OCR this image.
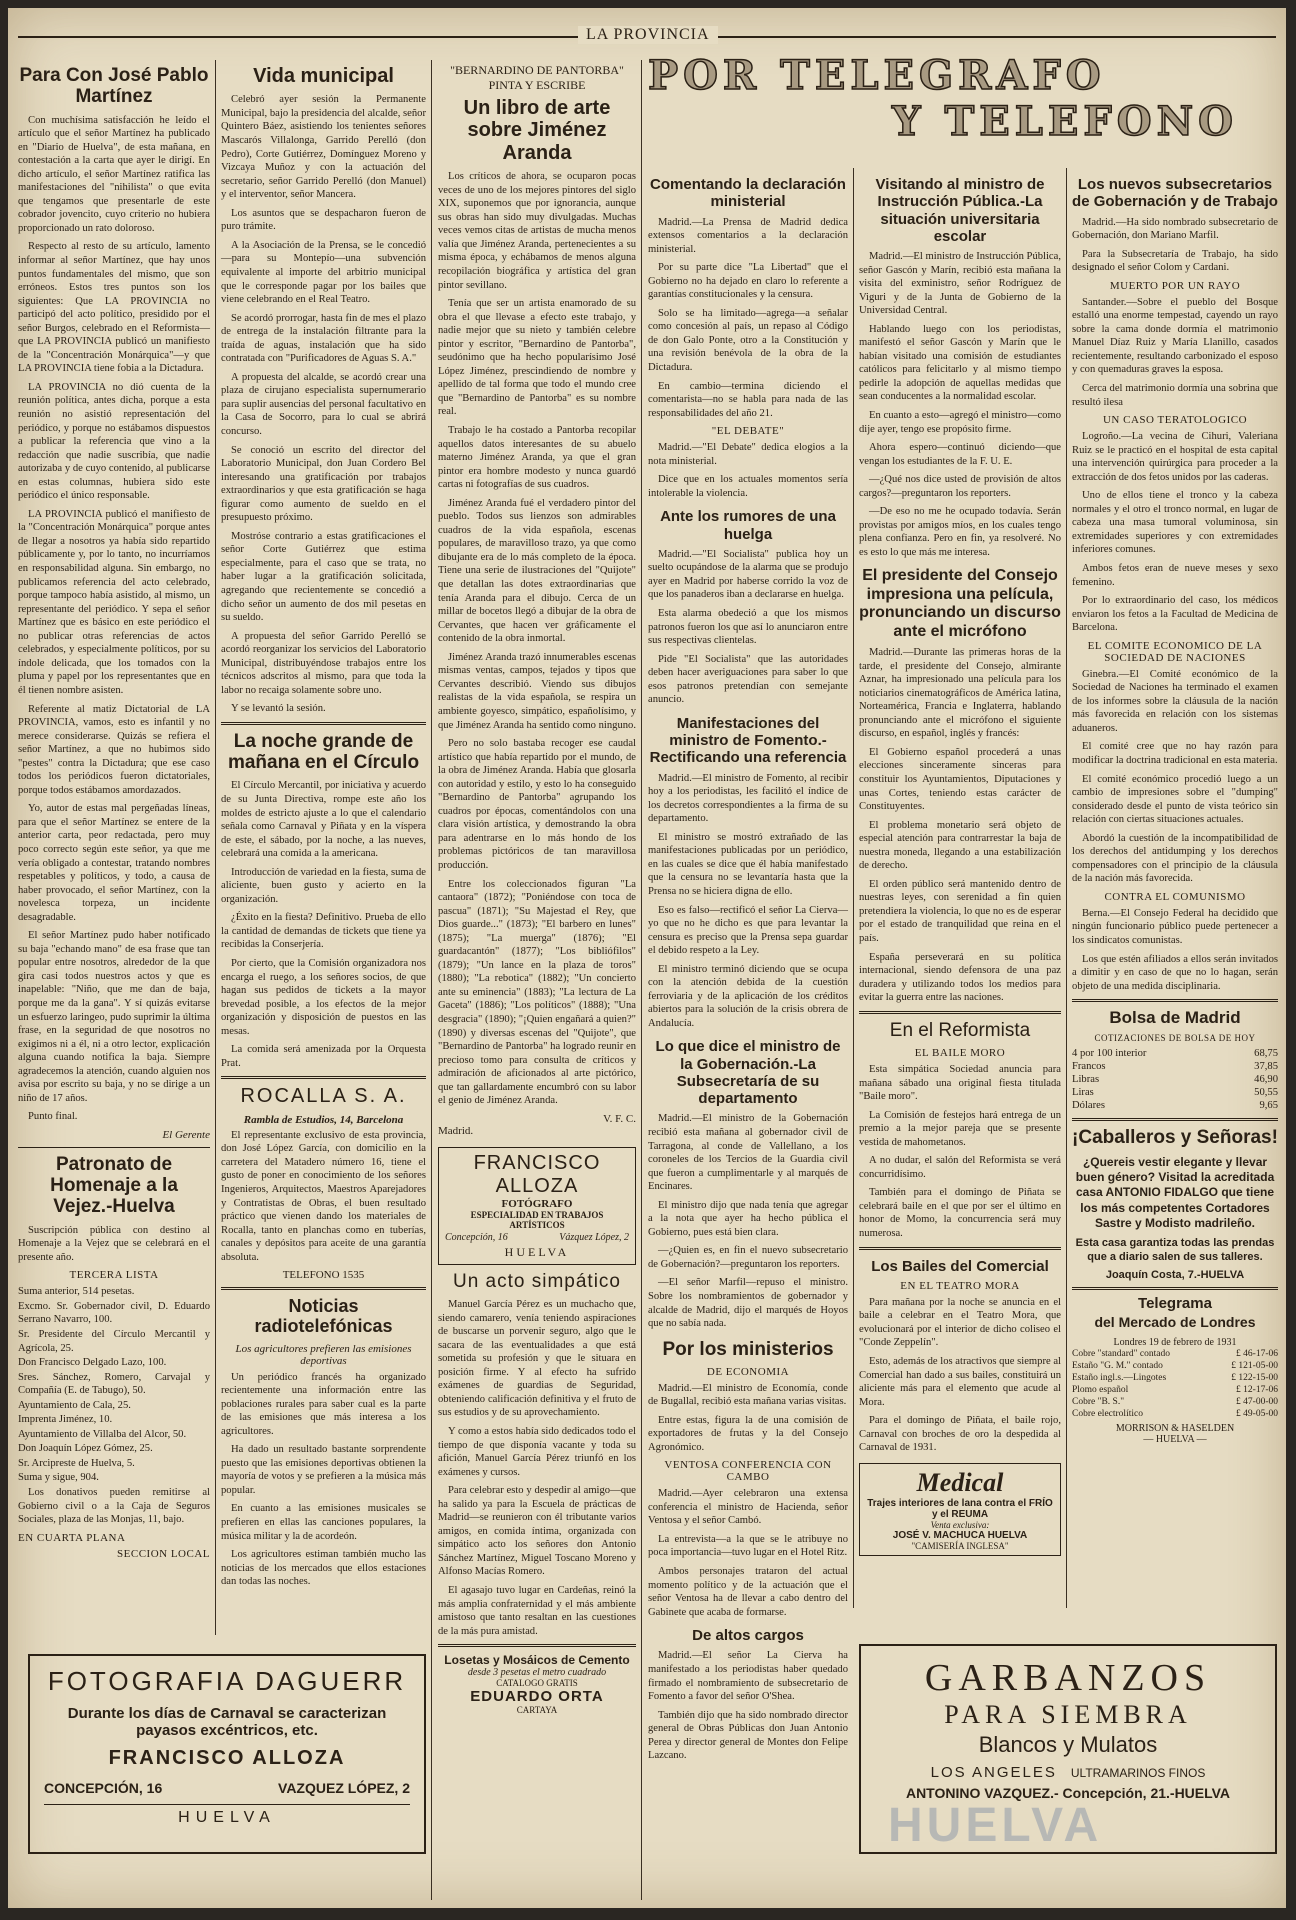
LA PROVINCIA
Para Con José Pablo Martínez

Con muchísima satisfacción he leído el artículo que el señor Martínez ha publicado en "Diario de Huelva", de esta mañana, en contestación a la carta que ayer le dirigí. En dicho artículo, el señor Martínez ratifica las manifestaciones del "nihilista" o que evita que tengamos que presentarle de este cobrador jovencito, cuyo criterio no hubiera proporcionado un rato doloroso.

Respecto al resto de su artículo, lamento informar al señor Martínez, que hay unos puntos fundamentales del mismo, que son erróneos. Estos tres puntos son los siguientes: Que LA PROVINCIA no participó del acto político, presidido por el señor Burgos, celebrado en el Reformista—que LA PROVINCIA publicó un manifiesto de la "Concentración Monárquica"—y que LA PROVINCIA tiene fobia a la Dictadura.

LA PROVINCIA no dió cuenta de la reunión política, antes dicha, porque a esta reunión no asistió representación del periódico, y porque no estábamos dispuestos a publicar la referencia que vino a la redacción que nadie suscribía, que nadie autorizaba y de cuyo contenido, al publicarse en estas columnas, hubiera sido este periódico el único responsable.

LA PROVINCIA publicó el manifiesto de la "Concentración Monárquica" porque antes de llegar a nosotros ya había sido repartido públicamente y, por lo tanto, no incurríamos en responsabilidad alguna. Sin embargo, no publicamos referencia del acto celebrado, porque tampoco había asistido, al mismo, un representante del periódico. Y sepa el señor Martínez que es básico en este periódico el no publicar otras referencias de actos celebrados, y especialmente políticos, por su índole delicada, que los tomados con la pluma y papel por los representantes que en él tienen nombre asisten.

Referente al matiz Dictatorial de LA PROVINCIA, vamos, esto es infantil y no merece considerarse. Quizás se refiera el señor Martínez, a que no hubimos sido "pestes" contra la Dictadura; que ese caso todos los periódicos fueron dictatoriales, porque todos estábamos amordazados.

Yo, autor de estas mal pergeñadas líneas, para que el señor Martínez se entere de la anterior carta, peor redactada, pero muy poco correcto según este señor, ya que me vería obligado a contestar, tratando nombres respetables y políticos, y todo, a causa de haber provocado, el señor Martínez, con la novelesca torpeza, un incidente desagradable.

El señor Martínez pudo haber notificado su baja "echando mano" de esa frase que tan popular entre nosotros, alrededor de la que gira casi todos nuestros actos y que es inapelable: "Niño, que me dan de baja, porque me da la gana". Y sí quizás evitarse un esfuerzo laringeo, pudo suprimir la última frase, en la seguridad de que nosotros no exigimos ni a él, ni a otro lector, explicación alguna cuando notifica la baja. Siempre agradecemos la atención, cuando alguien nos avisa por escrito su baja, y no se dirige a un niño de 17 años.

Punto final.

El Gerente
Patronato de Homenaje a la Vejez.-Huelva

Suscripción pública con destino al Homenaje a la Vejez que se celebrará en el presente año.

TERCERA LISTA
Suma anterior, 514 pesetas.
Excmo. Sr. Gobernador civil, D. Eduardo Serrano Navarro, 100.
Sr. Presidente del Círculo Mercantil y Agrícola, 25.
Don Francisco Delgado Lazo, 100.
Sres. Sánchez, Romero, Carvajal y Compañía (E. de Tabugo), 50.
Ayuntamiento de Cala, 25.
Imprenta Jiménez, 10.
Ayuntamiento de Villalba del Alcor, 50.
Don Joaquín López Gómez, 25.
Sr. Arcipreste de Huelva, 5.
Suma y sigue, 904.

Los donativos pueden remitirse al Gobierno civil o a la Caja de Seguros Sociales, plaza de las Monjas, 11, bajo.

EN CUARTA PLANA
SECCION LOCAL
Vida municipal

Celebró ayer sesión la Permanente Municipal, bajo la presidencia del alcalde, señor Quintero Báez, asistiendo los tenientes señores Mascarós Villalonga, Garrido Perelló (don Pedro), Corte Gutiérrez, Domínguez Moreno y Vizcaya Muñoz y con la actuación del secretario, señor Garrido Perelló (don Manuel) y el interventor, señor Mancera.

Los asuntos que se despacharon fueron de puro trámite.

A la Asociación de la Prensa, se le concedió—para su Montepío—una subvención equivalente al importe del arbitrio municipal que le corresponde pagar por los bailes que viene celebrando en el Real Teatro.

Se acordó prorrogar, hasta fin de mes el plazo de entrega de la instalación filtrante para la traída de aguas, instalación que ha sido contratada con "Purificadores de Aguas S. A."

A propuesta del alcalde, se acordó crear una plaza de cirujano especialista supernumerario para suplir ausencias del personal facultativo en la Casa de Socorro, para lo cual se abrirá concurso.

Se conoció un escrito del director del Laboratorio Municipal, don Juan Cordero Bel interesando una gratificación por trabajos extraordinarios y que esta gratificación se haga figurar como aumento de sueldo en el presupuesto próximo.

Mostróse contrario a estas gratificaciones el señor Corte Gutiérrez que estima especialmente, para el caso que se trata, no haber lugar a la gratificación solicitada, agregando que recientemente se concedió a dicho señor un aumento de dos mil pesetas en su sueldo.

A propuesta del señor Garrido Perelló se acordó reorganizar los servicios del Laboratorio Municipal, distribuyéndose trabajos entre los técnicos adscritos al mismo, para que toda la labor no recaiga solamente sobre uno.

Y se levantó la sesión.

La noche grande de mañana en el Círculo

El Círculo Mercantil, por iniciativa y acuerdo de su Junta Directiva, rompe este año los moldes de estricto ajuste a lo que el calendario señala como Carnaval y Piñata y en la víspera de este, el sábado, por la noche, a las nueves, celebrará una comida a la americana.

Introducción de variedad en la fiesta, suma de aliciente, buen gusto y acierto en la organización.

¿Éxito en la fiesta? Definitivo. Prueba de ello la cantidad de demandas de tickets que tiene ya recibidas la Conserjería.

Por cierto, que la Comisión organizadora nos encarga el ruego, a los señores socios, de que hagan sus pedidos de tickets a la mayor brevedad posible, a los efectos de la mejor organización y disposición de puestos en las mesas.

La comida será amenizada por la Orquesta Prat.

ROCALLA S. A.
Rambla de Estudios, 14, Barcelona

El representante exclusivo de esta provincia, don José López García, con domicilio en la carretera del Matadero número 16, tiene el gusto de poner en conocimiento de los señores Ingenieros, Arquitectos, Maestros Aparejadores y Contratistas de Obras, el buen resultado práctico que vienen dando los materiales de Rocalla, tanto en planchas como en tuberías, canales y depósitos para aceite de una garantía absoluta.

TELEFONO 1535
Noticias radiotelefónicas
Los agricultores prefieren las emisiones deportivas

Un periódico francés ha organizado recientemente una información entre las poblaciones rurales para saber cual es la parte de las emisiones que más interesa a los agricultores.

Ha dado un resultado bastante sorprendente puesto que las emisiones deportivas obtienen la mayoría de votos y se prefieren a la música más popular.

En cuanto a las emisiones musicales se prefieren en ellas las canciones populares, la música militar y la de acordeón.

Los agricultores estiman también mucho las noticias de los mercados que ellos estaciones dan todas las noches.

"BERNARDINO DE PANTORBA"
PINTA Y ESCRIBE
Un libro de arte sobre Jiménez Aranda

Los críticos de ahora, se ocuparon pocas veces de uno de los mejores pintores del siglo XIX, suponemos que por ignorancia, aunque sus obras han sido muy divulgadas. Muchas veces vemos citas de artistas de mucha menos valía que Jiménez Aranda, pertenecientes a su misma época, y echábamos de menos alguna recopilación biográfica y artística del gran pintor sevillano.

Tenía que ser un artista enamorado de su obra el que llevase a efecto este trabajo, y nadie mejor que su nieto y también celebre pintor y escritor, "Bernardino de Pantorba", seudónimo que ha hecho popularísimo José López Jiménez, prescindiendo de nombre y apellido de tal forma que todo el mundo cree que "Bernardino de Pantorba" es su nombre real.

Trabajo le ha costado a Pantorba recopilar aquellos datos interesantes de su abuelo materno Jiménez Aranda, ya que el gran pintor era hombre modesto y nunca guardó cartas ni fotografías de sus cuadros.

Jiménez Aranda fué el verdadero pintor del pueblo. Todos sus lienzos son admirables cuadros de la vida española, escenas populares, de maravilloso trazo, ya que como dibujante era de lo más completo de la época. Tiene una serie de ilustraciones del "Quijote" que detallan las dotes extraordinarias que tenía Aranda para el dibujo. Cerca de un millar de bocetos llegó a dibujar de la obra de Cervantes, que hacen ver gráficamente el contenido de la obra inmortal.

Jiménez Aranda trazó innumerables escenas mismas ventas, campos, tejados y tipos que Cervantes describió. Viendo sus dibujos realistas de la vida española, se respira un ambiente goyesco, simpático, españolísimo, y que Jiménez Aranda ha sentido como ninguno.

Pero no solo bastaba recoger ese caudal artístico que había repartido por el mundo, de la obra de Jiménez Aranda. Había que glosarla con autoridad y estilo, y esto lo ha conseguido "Bernardino de Pantorba" agrupando los cuadros por épocas, comentándolos con una clara visión artística, y demostrando la obra para adentrarse en lo más hondo de los problemas pictóricos de tan maravillosa producción.

Entre los coleccionados figuran "La cantaora" (1872); "Poniéndose con toca de pascua" (1871); "Su Majestad el Rey, que Dios guarde..." (1873); "El barbero en lunes" (1875); "La muerga" (1876); "El guardacantón" (1877); "Los bibliófilos" (1879); "Un lance en la plaza de toros" (1880); "La rebotica" (1882); "Un concierto ante su eminencia" (1883); "La lectura de La Gaceta" (1886); "Los políticos" (1888); "Una desgracia" (1890); "¡Quien engañará a quien?" (1890) y diversas escenas del "Quijote", que "Bernardino de Pantorba" ha logrado reunir en precioso tomo para consulta de críticos y admiración de aficionados al arte pictórico, que tan gallardamente encumbró con su labor el genio de Jiménez Aranda.

V. F. C.
Madrid.
FRANCISCO ALLOZA
FOTÓGRAFO
ESPECIALIDAD EN TRABAJOS ARTÍSTICOS
Concepción, 16	Vázquez López, 2
HUELVA
Un acto simpático

Manuel García Pérez es un muchacho que, siendo camarero, venía teniendo aspiraciones de buscarse un porvenir seguro, algo que le sacara de las eventualidades a que está sometida su profesión y que le situara en posición firme. Y al efecto ha sufrido exámenes de guardias de Seguridad, obteniendo calificación definitiva y el fruto de sus estudios y de su aprovechamiento.

Y como a estos había sido dedicados todo el tiempo de que disponía vacante y toda su afición, Manuel García Pérez triunfó en los exámenes y cursos.

Para celebrar esto y despedir al amigo—que ha salido ya para la Escuela de prácticas de Madrid—se reunieron con él tributante varios amigos, en comida íntima, organizada con simpático acto los señores don Antonio Sánchez Martínez, Miguel Toscano Moreno y Alfonso Macías Romero.

El agasajo tuvo lugar en Cardeñas, reinó la más amplia confraternidad y el más ambiente amistoso que tanto resaltan en las cuestiones de la más pura amistad.

Losetas y Mosáicos de Cemento
desde 3 pesetas el metro cuadrado
CATALOGO GRATIS
EDUARDO ORTA
CARTAYA
POR TELEGRAFO
Y TELEFONO
Comentando la declaración ministerial

Madrid.—La Prensa de Madrid dedica extensos comentarios a la declaración ministerial.

Por su parte dice "La Libertad" que el Gobierno no ha dejado en claro lo referente a garantías constitucionales y la censura.

Solo se ha limitado—agrega—a señalar como concesión al país, un repaso al Código de don Galo Ponte, otro a la Constitución y una revisión benévola de la obra de la Dictadura.

En cambio—termina diciendo el comentarista—no se habla para nada de las responsabilidades del año 21.

"EL DEBATE"

Madrid.—"El Debate" dedica elogios a la nota ministerial.

Dice que en los actuales momentos sería intolerable la violencia.

Ante los rumores de una huelga

Madrid.—"El Socialista" publica hoy un suelto ocupándose de la alarma que se produjo ayer en Madrid por haberse corrido la voz de que los panaderos iban a declararse en huelga.

Esta alarma obedeció a que los mismos patronos fueron los que así lo anunciaron entre sus respectivas clientelas.

Pide "El Socialista" que las autoridades deben hacer averiguaciones para saber lo que esos patronos pretendían con semejante anuncio.

Manifestaciones del ministro de Fomento.-Rectificando una referencia

Madrid.—El ministro de Fomento, al recibir hoy a los periodistas, les facilitó el índice de los decretos correspondientes a la firma de su departamento.

El ministro se mostró extrañado de las manifestaciones publicadas por un periódico, en las cuales se dice que él había manifestado que la censura no se levantaría hasta que la Prensa no se hiciera digna de ello.

Eso es falso—rectificó el señor La Cierva—yo que no he dicho es que para levantar la censura es preciso que la Prensa sepa guardar el debido respeto a la Ley.

El ministro terminó diciendo que se ocupa con la atención debida de la cuestión ferroviaria y de la aplicación de los créditos abiertos para la solución de la crisis obrera de Andalucía.

Lo que dice el ministro de la Gobernación.-La Subsecretaría de su departamento

Madrid.—El ministro de la Gobernación recibió esta mañana al gobernador civil de Tarragona, al conde de Vallellano, a los coroneles de los Tercios de la Guardia civil que fueron a cumplimentarle y al marqués de Encinares.

El ministro dijo que nada tenía que agregar a la nota que ayer ha hecho pública el Gobierno, pues está bien clara.

—¿Quien es, en fin el nuevo subsecretario de Gobernación?—preguntaron los reporters.

—El señor Marfil—repuso el ministro. Sobre los nombramientos de gobernador y alcalde de Madrid, dijo el marqués de Hoyos que no sabía nada.

Por los ministerios
DE ECONOMIA

Madrid.—El ministro de Economía, conde de Bugallal, recibió esta mañana varias visitas.

Entre estas, figura la de una comisión de exportadores de frutas y la del Consejo Agronómico.

VENTOSA CONFERENCIA CON CAMBO

Madrid.—Ayer celebraron una extensa conferencia el ministro de Hacienda, señor Ventosa y el señor Cambó.

La entrevista—a la que se le atribuye no poca importancia—tuvo lugar en el Hotel Ritz.

Ambos personajes trataron del actual momento político y de la actuación que el señor Ventosa ha de llevar a cabo dentro del Gabinete que acaba de formarse.

De altos cargos

Madrid.—El señor La Cierva ha manifestado a los periodistas haber quedado firmado el nombramiento de subsecretario de Fomento a favor del señor O'Shea.

También dijo que ha sido nombrado director general de Obras Públicas don Juan Antonio Perea y director general de Montes don Felipe Lazcano.

Visitando al ministro de Instrucción Pública.-La situación universitaria escolar

Madrid.—El ministro de Instrucción Pública, señor Gascón y Marín, recibió esta mañana la visita del exministro, señor Rodríguez de Viguri y de la Junta de Gobierno de la Universidad Central.

Hablando luego con los periodistas, manifestó el señor Gascón y Marín que le habían visitado una comisión de estudiantes católicos para felicitarlo y al mismo tiempo pedirle la adopción de aquellas medidas que sean conducentes a la normalidad escolar.

En cuanto a esto—agregó el ministro—como dije ayer, tengo ese propósito firme.

Ahora espero—continuó diciendo—que vengan los estudiantes de la F. U. E.

—¿Qué nos dice usted de provisión de altos cargos?—preguntaron los reporters.

—De eso no me he ocupado todavía. Serán provistas por amigos míos, en los cuales tengo plena confianza. Pero en fin, ya resolveré. No es esto lo que más me interesa.

El presidente del Consejo impresiona una película, pronunciando un discurso ante el micrófono

Madrid.—Durante las primeras horas de la tarde, el presidente del Consejo, almirante Aznar, ha impresionado una película para los noticiarios cinematográficos de América latina, Norteamérica, Francia e Inglaterra, hablando pronunciando ante el micrófono el siguiente discurso, en español, inglés y francés:

El Gobierno español procederá a unas elecciones sinceramente sinceras para constituir los Ayuntamientos, Diputaciones y unas Cortes, teniendo estas carácter de Constituyentes.

El problema monetario será objeto de especial atención para contrarrestar la baja de nuestra moneda, llegando a una estabilización de derecho.

El orden público será mantenido dentro de nuestras leyes, con serenidad a fin quien pretendiera la violencia, lo que no es de esperar por el estado de tranquilidad que reina en el país.

España perseverará en su política internacional, siendo defensora de una paz duradera y utilizando todos los medios para evitar la guerra entre las naciones.

En el Reformista
EL BAILE MORO

Esta simpática Sociedad anuncia para mañana sábado una original fiesta titulada "Baile moro".

La Comisión de festejos hará entrega de un premio a la mejor pareja que se presente vestida de mahometanos.

A no dudar, el salón del Reformista se verá concurridísimo.

También para el domingo de Piñata se celebrará baile en el que por ser el último en honor de Momo, la concurrencia será muy numerosa.

Los Bailes del Comercial
EN EL TEATRO MORA

Para mañana por la noche se anuncia en el baile a celebrar en el Teatro Mora, que evolucionará por el interior de dicho coliseo el "Conde Zeppelín".

Esto, además de los atractivos que siempre al Comercial han dado a sus bailes, constituirá un aliciente más para el elemento que acude al Mora.

Para el domingo de Piñata, el baile rojo, Carnaval con broches de oro la despedida al Carnaval de 1931.

Medical
Trajes interiores de lana contra el FRÍO y el REUMA
Venta exclusiva:
JOSÉ V. MACHUCA HUELVA
"CAMISERÍA INGLESA"
Los nuevos subsecretarios de Gobernación y de Trabajo

Madrid.—Ha sido nombrado subsecretario de Gobernación, don Mariano Marfil.

Para la Subsecretaría de Trabajo, ha sido designado el señor Colom y Cardani.

MUERTO POR UN RAYO

Santander.—Sobre el pueblo del Bosque estalló una enorme tempestad, cayendo un rayo sobre la cama donde dormía el matrimonio Manuel Díaz Ruiz y María Llanillo, casados recientemente, resultando carbonizado el esposo y con quemaduras graves la esposa.

Cerca del matrimonio dormía una sobrina que resultó ilesa

UN CASO TERATOLOGICO

Logroño.—La vecina de Cihuri, Valeriana Ruiz se le practicó en el hospital de esta capital una intervención quirúrgica para proceder a la extracción de dos fetos unidos por las caderas.

Uno de ellos tiene el tronco y la cabeza normales y el otro el tronco normal, en lugar de cabeza una masa tumoral voluminosa, sin extremidades superiores y con extremidades inferiores comunes.

Ambos fetos eran de nueve meses y sexo femenino.

Por lo extraordinario del caso, los médicos enviaron los fetos a la Facultad de Medicina de Barcelona.

EL COMITE ECONOMICO DE LA SOCIEDAD DE NACIONES

Ginebra.—El Comité económico de la Sociedad de Naciones ha terminado el examen de los informes sobre la cláusula de la nación más favorecida en relación con los sistemas aduaneros.

El comité cree que no hay razón para modificar la doctrina tradicional en esta materia.

El comité económico procedió luego a un cambio de impresiones sobre el "dumping" considerado desde el punto de vista teórico sin relación con ciertas situaciones actuales.

Abordó la cuestión de la incompatibilidad de los derechos del antidumping y los derechos compensadores con el principio de la cláusula de la nación más favorecida.

CONTRA EL COMUNISMO

Berna.—El Consejo Federal ha decidido que ningún funcionario público puede pertenecer a los sindicatos comunistas.

Los que estén afiliados a ellos serán invitados a dimitir y en caso de que no lo hagan, serán objeto de una medida disciplinaria.

Bolsa de Madrid
COTIZACIONES DE BOLSA DE HOY
4 por 100 interior	68,75
Francos	37,85
Libras	46,90
Liras	50,55
Dólares	9,65
¡Caballeros y Señoras!

¿Quereis vestir elegante y llevar buen género? Visitad la acreditada casa ANTONIO FIDALGO que tiene los más competentes Cortadores Sastre y Modisto madrileño.

Esta casa garantiza todas las prendas que a diario salen de sus talleres.

Joaquín Costa, 7.-HUELVA
Telegrama
del Mercado de Londres
Londres 19 de febrero de 1931
Cobre "standard" contado	£ 46-17-06
Estaño "G. M." contado	£ 121-05-00
Estaño ingl.s.—Lingotes	£ 122-15-00
Plomo español	£ 12-17-06
Cobre "B. S."	£ 47-00-00
Cobre electrolítico	£ 49-05-00
MORRISON & HASELDEN
— HUELVA —
FOTOGRAFIA DAGUERR
Durante los días de Carnaval se caracterizan payasos excéntricos, etc.
FRANCISCO ALLOZA
CONCEPCIÓN, 16	VAZQUEZ LÓPEZ, 2
HUELVA
GARBANZOS
PARA SIEMBRA
Blancos y Mulatos
LOS ANGELES ULTRAMARINOS FINOS
ANTONINO VAZQUEZ.- Concepción, 21.-HUELVA
HUELVA
